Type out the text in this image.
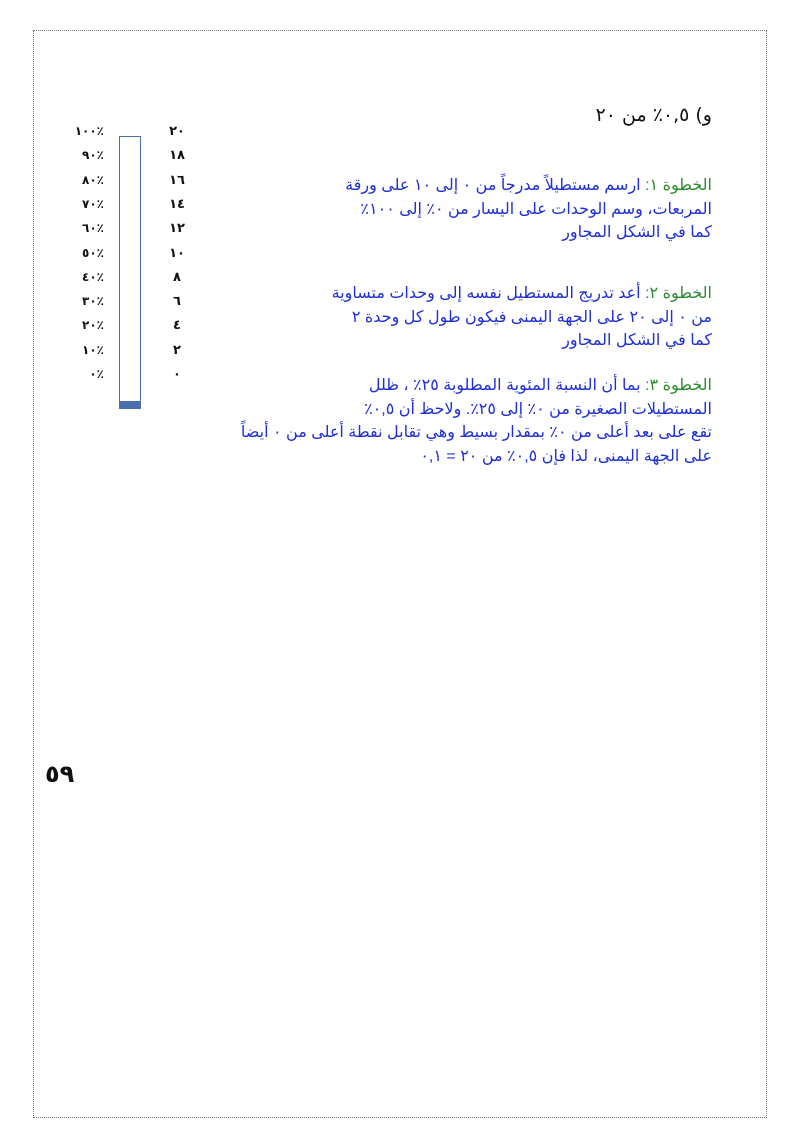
و) ٠,٥٪ من ٢٠
٪١٠٠
٪٩٠
٪٨٠
٪٧٠
٪٦٠
٪٥٠
٪٤٠
٪٣٠
٪٢٠
٪١٠
٪٠
٢٠
١٨
١٦
١٤
١٢
١٠
٨
٦
٤
٢
٠
الخطوة ١: ارسم مستطيلاً مدرجاً من ٠ إلى ١٠ على ورقة
المربعات، وسم الوحدات على اليسار من ٠٪ إلى ١٠٠٪
كما في الشكل المجاور
الخطوة ٢: أعد تدريج المستطيل نفسه إلى وحدات متساوية
من ٠ إلى ٢٠ على الجهة اليمنى فيكون طول كل وحدة ٢
كما في الشكل المجاور
الخطوة ٣: بما أن النسبة المئوية المطلوبة ٢٥٪ ، ظلل
المستطيلات الصغيرة من ٠٪ إلى ٢٥٪. ولاحظ أن ٠,٥٪
تقع على بعد أعلى من ٠٪ بمقدار بسيط وهي تقابل نقطة أعلى من ٠ أيضاً
على الجهة اليمنى، لذا فإن ٠,٥٪ من ٢٠ = ٠,١
٥٩
